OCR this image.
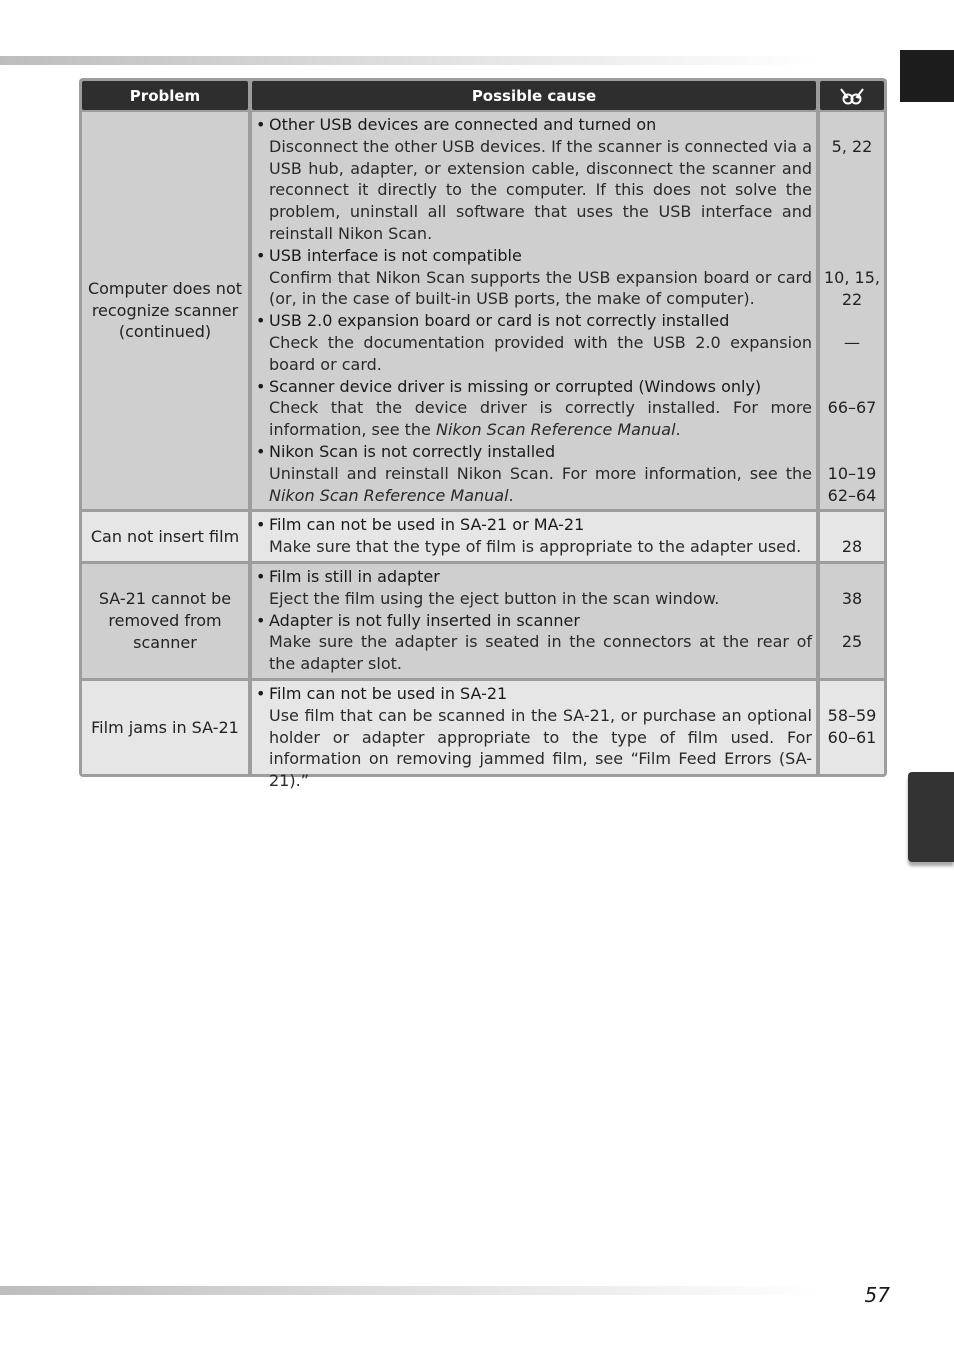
Problem	Possible cause
Computer does not recognize scanner (continued)
• Other USB devices are connected and turned on
Disconnect the other USB devices. If the scanner is connected via a USB hub, adapter, or extension cable, disconnect the scanner and reconnect it directly to the computer. If this does not solve the problem, uninstall all software that uses the USB interface and reinstall Nikon Scan.
• USB interface is not compatible
Confirm that Nikon Scan supports the USB expansion board or card (or, in the case of built-in USB ports, the make of computer).
• USB 2.0 expansion board or card is not correctly installed
Check the documentation provided with the USB 2.0 expansion board or card.
• Scanner device driver is missing or corrupted (Windows only)
Check that the device driver is correctly installed. For more information, see the Nikon Scan Reference Manual.
• Nikon Scan is not correctly installed
Uninstall and reinstall Nikon Scan. For more information, see the Nikon Scan Reference Manual.
5, 22
10, 15, 22
—
66–67
10–19
62–64
Can not insert film
• Film can not be used in SA-21 or MA-21
Make sure that the type of film is appropriate to the adapter used.	28
SA-21 cannot be removed from scanner
• Film is still in adapter
Eject the film using the eject button in the scan window.
• Adapter is not fully inserted in scanner
Make sure the adapter is seated in the connectors at the rear of the adapter slot.
38
25
Film jams in SA-21
• Film can not be used in SA-21
Use film that can be scanned in the SA-21, or purchase an optional holder or adapter appropriate to the type of film used. For information on removing jammed film, see “Film Feed Errors (SA-21).”
58–59
60–61
57
